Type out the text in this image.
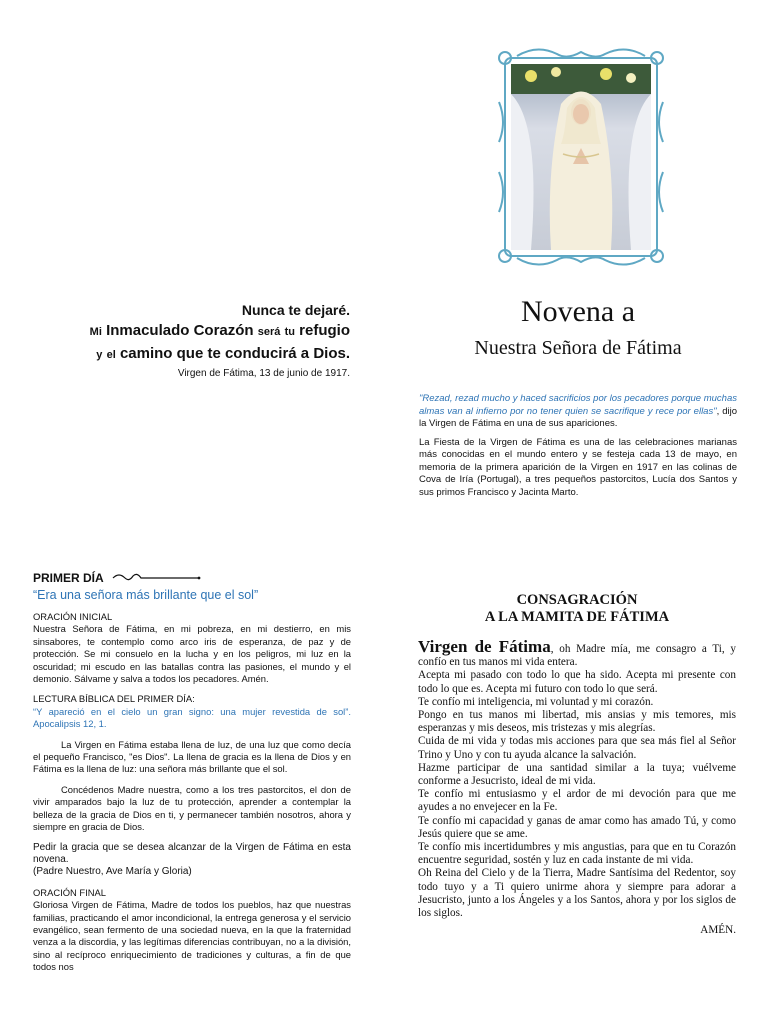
Nunca te dejaré.
Mi Inmaculado Corazón será tu refugio
y el camino que te conducirá a Dios.
Virgen de Fátima, 13 de junio de 1917.
Novena a
Nuestra Señora de Fátima

"Rezad, rezad mucho y haced sacrificios por los pecadores porque muchas almas van al infierno por no tener quien se sacrifique y rece por ellas", dijo la Virgen de Fátima en una de sus apariciones.

La Fiesta de la Virgen de Fátima es una de las celebraciones marianas más conocidas en el mundo entero y se festeja cada 13 de mayo, en memoria de la primera aparición de la Virgen en 1917 en las colinas de Cova de Iría (Portugal), a tres pequeños pastorcitos, Lucía dos Santos y sus primos Francisco y Jacinta Marto.

PRIMER DÍA
“Era una señora más brillante que el sol”
ORACIÓN INICIAL

Nuestra Señora de Fátima, en mi pobreza, en mi destierro, en mis sinsabores, te contemplo como arco iris de esperanza, de paz y de protección. Se mi consuelo en la lucha y en los peligros, mi luz en la oscuridad; mi escudo en las batallas contra las pasiones, el mundo y el demonio. Sálvame y salva a todos los pecadores. Amén.

LECTURA BÍBLICA DEL PRIMER DÍA:

“Y apareció en el cielo un gran signo: una mujer revestida de sol”. Apocalipsis 12, 1.

La Virgen en Fátima estaba llena de luz, de una luz que como decía el pequeño Francisco, "es Dios". La llena de gracia es la llena de Dios y en Fátima es la llena de luz: una señora más brillante que el sol.

Concédenos Madre nuestra, como a los tres pastorcitos, el don de vivir amparados bajo la luz de tu protección, aprender a contemplar la belleza de la gracia de Dios en ti, y permanecer también nosotros, ahora y siempre en gracia de Dios.

Pedir la gracia que se desea alcanzar de la Virgen de Fátima en esta novena.

(Padre Nuestro, Ave María y Gloria)

ORACIÓN FINAL

Gloriosa Virgen de Fátima, Madre de todos los pueblos, haz que nuestras familias, practicando el amor incondicional, la entrega generosa y el servicio evangélico, sean fermento de una sociedad nueva, en la que la fraternidad venza a la discordia, y las legítimas diferencias contribuyan, no a la división, sino al recíproco enriquecimiento de tradiciones y culturas, a fin de que todos nos

CONSAGRACIÓN
A LA MAMITA DE FÁTIMA

Virgen de Fátima, oh Madre mía, me consagro a Ti, y confío en tus manos mi vida entera.

Acepta mi pasado con todo lo que ha sido. Acepta mi presente con todo lo que es. Acepta mi futuro con todo lo que será.

Te confío mi inteligencia, mi voluntad y mi corazón.

Pongo en tus manos mi libertad, mis ansias y mis temores, mis esperanzas y mis deseos, mis tristezas y mis alegrías.

Cuida de mi vida y todas mis acciones para que sea más fiel al Señor Trino y Uno y con tu ayuda alcance la salvación.

Hazme participar de una santidad similar a la tuya; vuélveme conforme a Jesucristo, ideal de mi vida.

Te confío mi entusiasmo y el ardor de mi devoción para que me ayudes a no envejecer en la Fe.

Te confío mi capacidad y ganas de amar como has amado Tú, y como Jesús quiere que se ame.

Te confío mis incertidumbres y mis angustias, para que en tu Corazón encuentre seguridad, sostén y luz en cada instante de mi vida.

Oh Reina del Cielo y de la Tierra, Madre Santísima del Redentor, soy todo tuyo y a Ti quiero unirme ahora y siempre para adorar a Jesucristo, junto a los Ángeles y a los Santos, ahora y por los siglos de los siglos.

AMÉN.
